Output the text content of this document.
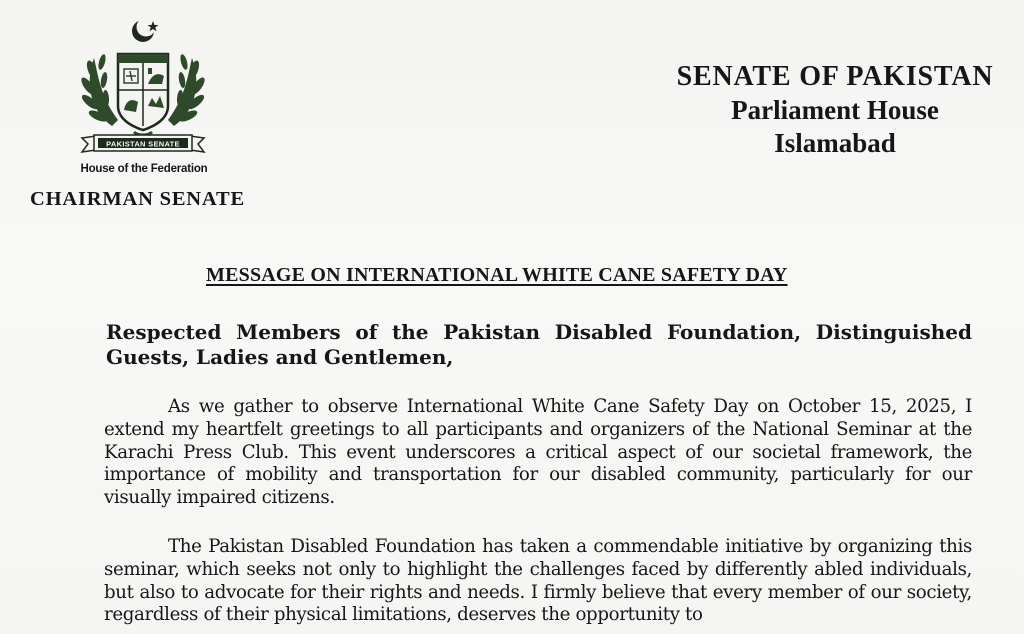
PAKISTAN SENATE
House of the Federation
CHAIRMAN SENATE
SENATE OF PAKISTAN
Parliament House
Islamabad
MESSAGE ON INTERNATIONAL WHITE CANE SAFETY DAY
Respected Members of the Pakistan Disabled Foundation, Distinguished
Guests, Ladies and Gentlemen,

As we gather to observe International White Cane Safety Day on October 15, 2025, I extend my heartfelt greetings to all participants and organizers of the National Seminar at the Karachi Press Club. This event underscores a critical aspect of our societal framework, the importance of mobility and transportation for our disabled community, particularly for our visually impaired citizens.

The Pakistan Disabled Foundation has taken a commendable initiative by organizing this seminar, which seeks not only to highlight the challenges faced by differently abled individuals, but also to advocate for their rights and needs. I firmly believe that every member of our society, regardless of their physical limitations, deserves the opportunity to
